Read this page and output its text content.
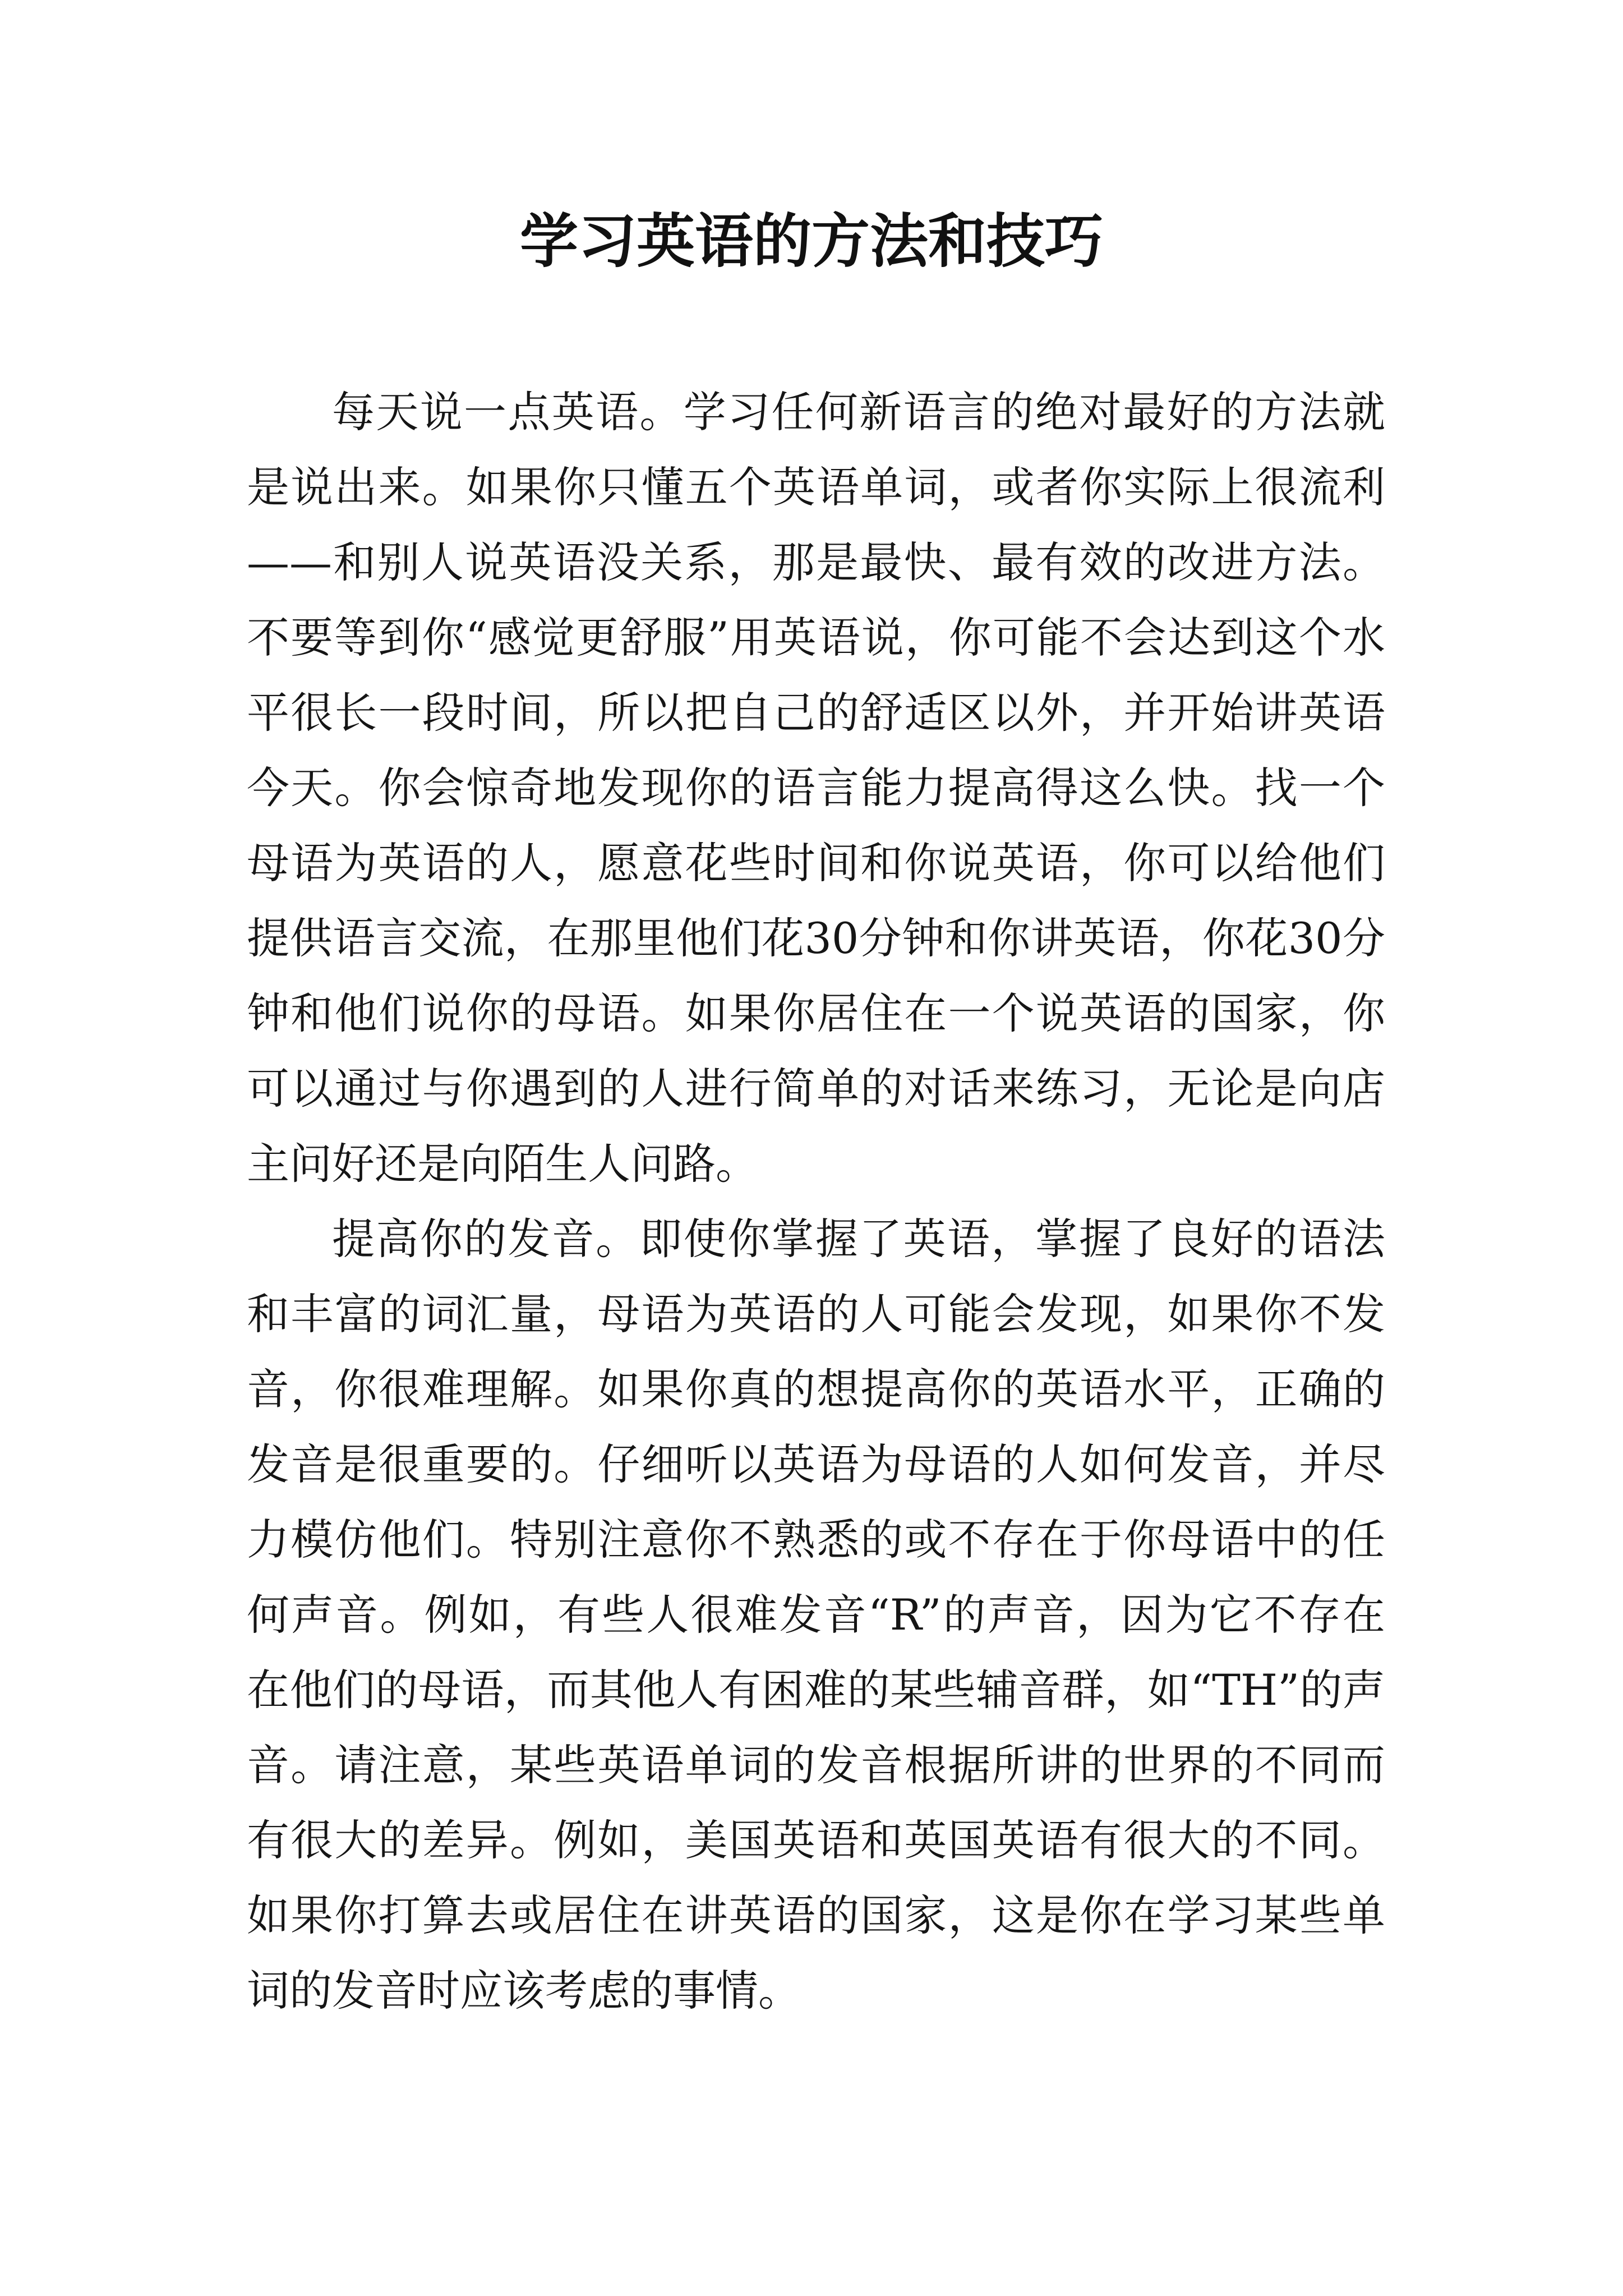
学习英语的方法和技巧

每天说一点英语。学习任何新语言的绝对最好的方法就是说出来。如果你只懂五个英语单词，或者你实际上很流利——和别人说英语没关系，那是最快、最有效的改进方法。不要等到你“感觉更舒服”用英语说，你可能不会达到这个水平很长一段时间，所以把自己的舒适区以外，并开始讲英语今天。你会惊奇地发现你的语言能力提高得这么快。找一个母语为英语的人，愿意花些时间和你说英语，你可以给他们提供语言交流，在那里他们花30分钟和你讲英语，你花30分钟和他们说你的母语。如果你居住在一个说英语的国家，你可以通过与你遇到的人进行简单的对话来练习，无论是向店主问好还是向陌生人问路。

提高你的发音。即使你掌握了英语，掌握了良好的语法和丰富的词汇量，母语为英语的人可能会发现，如果你不发音，你很难理解。如果你真的想提高你的英语水平，正确的发音是很重要的。仔细听以英语为母语的人如何发音，并尽力模仿他们。特别注意你不熟悉的或不存在于你母语中的任何声音。例如，有些人很难发音“R”的声音，因为它不存在在他们的母语，而其他人有困难的某些辅音群，如“TH”的声音。请注意，某些英语单词的发音根据所讲的世界的不同而有很大的差异。例如，美国英语和英国英语有很大的不同。如果你打算去或居住在讲英语的国家，这是你在学习某些单词的发音时应该考虑的事情。
